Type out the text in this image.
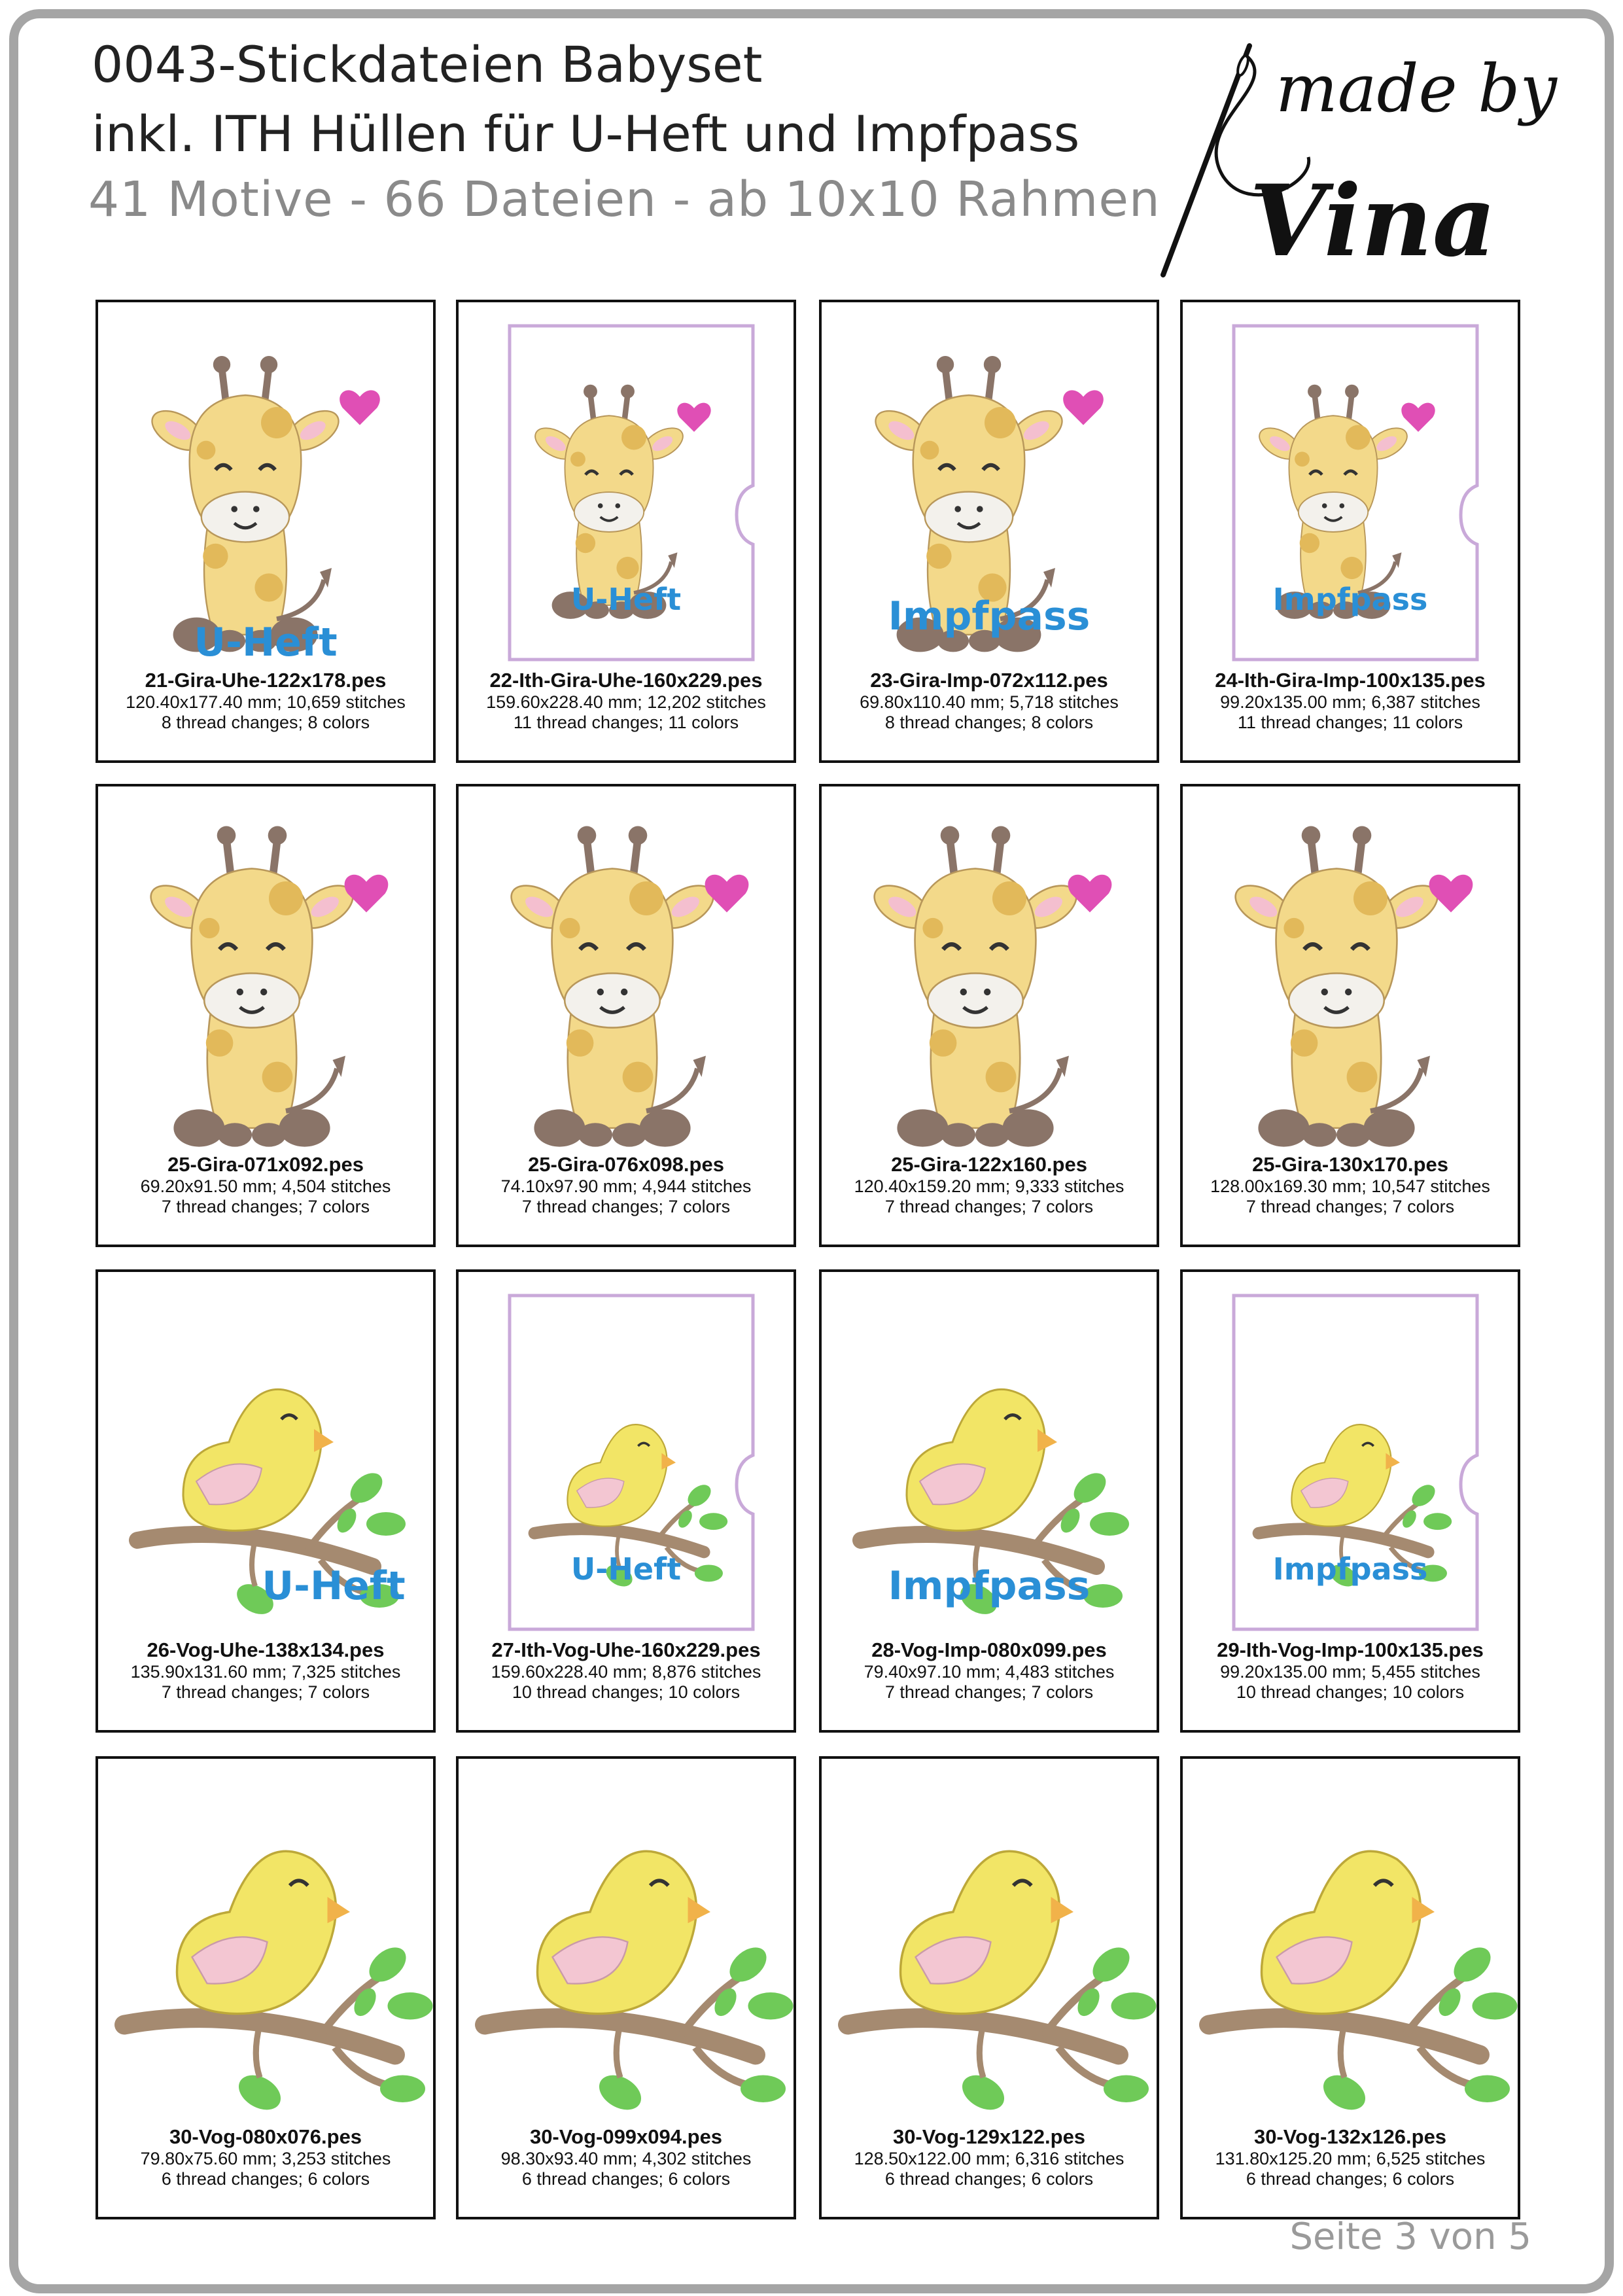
0043-Stickdateien Babyset
inkl. ITH Hüllen für U-Heft und Impfpass
41 Motive - 66 Dateien - ab 10x10 Rahmen
made by
Vina
U-Heft
21-Gira-Uhe-122x178.pes
120.40x177.40 mm; 10,659 stitches
8 thread changes; 8 colors
U-Heft
22-Ith-Gira-Uhe-160x229.pes
159.60x228.40 mm; 12,202 stitches
11 thread changes; 11 colors
Impfpass
23-Gira-Imp-072x112.pes
69.80x110.40 mm; 5,718 stitches
8 thread changes; 8 colors
Impfpass
24-Ith-Gira-Imp-100x135.pes
99.20x135.00 mm; 6,387 stitches
11 thread changes; 11 colors
25-Gira-071x092.pes
69.20x91.50 mm; 4,504 stitches
7 thread changes; 7 colors
25-Gira-076x098.pes
74.10x97.90 mm; 4,944 stitches
7 thread changes; 7 colors
25-Gira-122x160.pes
120.40x159.20 mm; 9,333 stitches
7 thread changes; 7 colors
25-Gira-130x170.pes
128.00x169.30 mm; 10,547 stitches
7 thread changes; 7 colors
U-Heft
26-Vog-Uhe-138x134.pes
135.90x131.60 mm; 7,325 stitches
7 thread changes; 7 colors
U-Heft
27-Ith-Vog-Uhe-160x229.pes
159.60x228.40 mm; 8,876 stitches
10 thread changes; 10 colors
Impfpass
28-Vog-Imp-080x099.pes
79.40x97.10 mm; 4,483 stitches
7 thread changes; 7 colors
Impfpass
29-Ith-Vog-Imp-100x135.pes
99.20x135.00 mm; 5,455 stitches
10 thread changes; 10 colors
30-Vog-080x076.pes
79.80x75.60 mm; 3,253 stitches
6 thread changes; 6 colors
30-Vog-099x094.pes
98.30x93.40 mm; 4,302 stitches
6 thread changes; 6 colors
30-Vog-129x122.pes
128.50x122.00 mm; 6,316 stitches
6 thread changes; 6 colors
30-Vog-132x126.pes
131.80x125.20 mm; 6,525 stitches
6 thread changes; 6 colors
Seite 3 von 5
